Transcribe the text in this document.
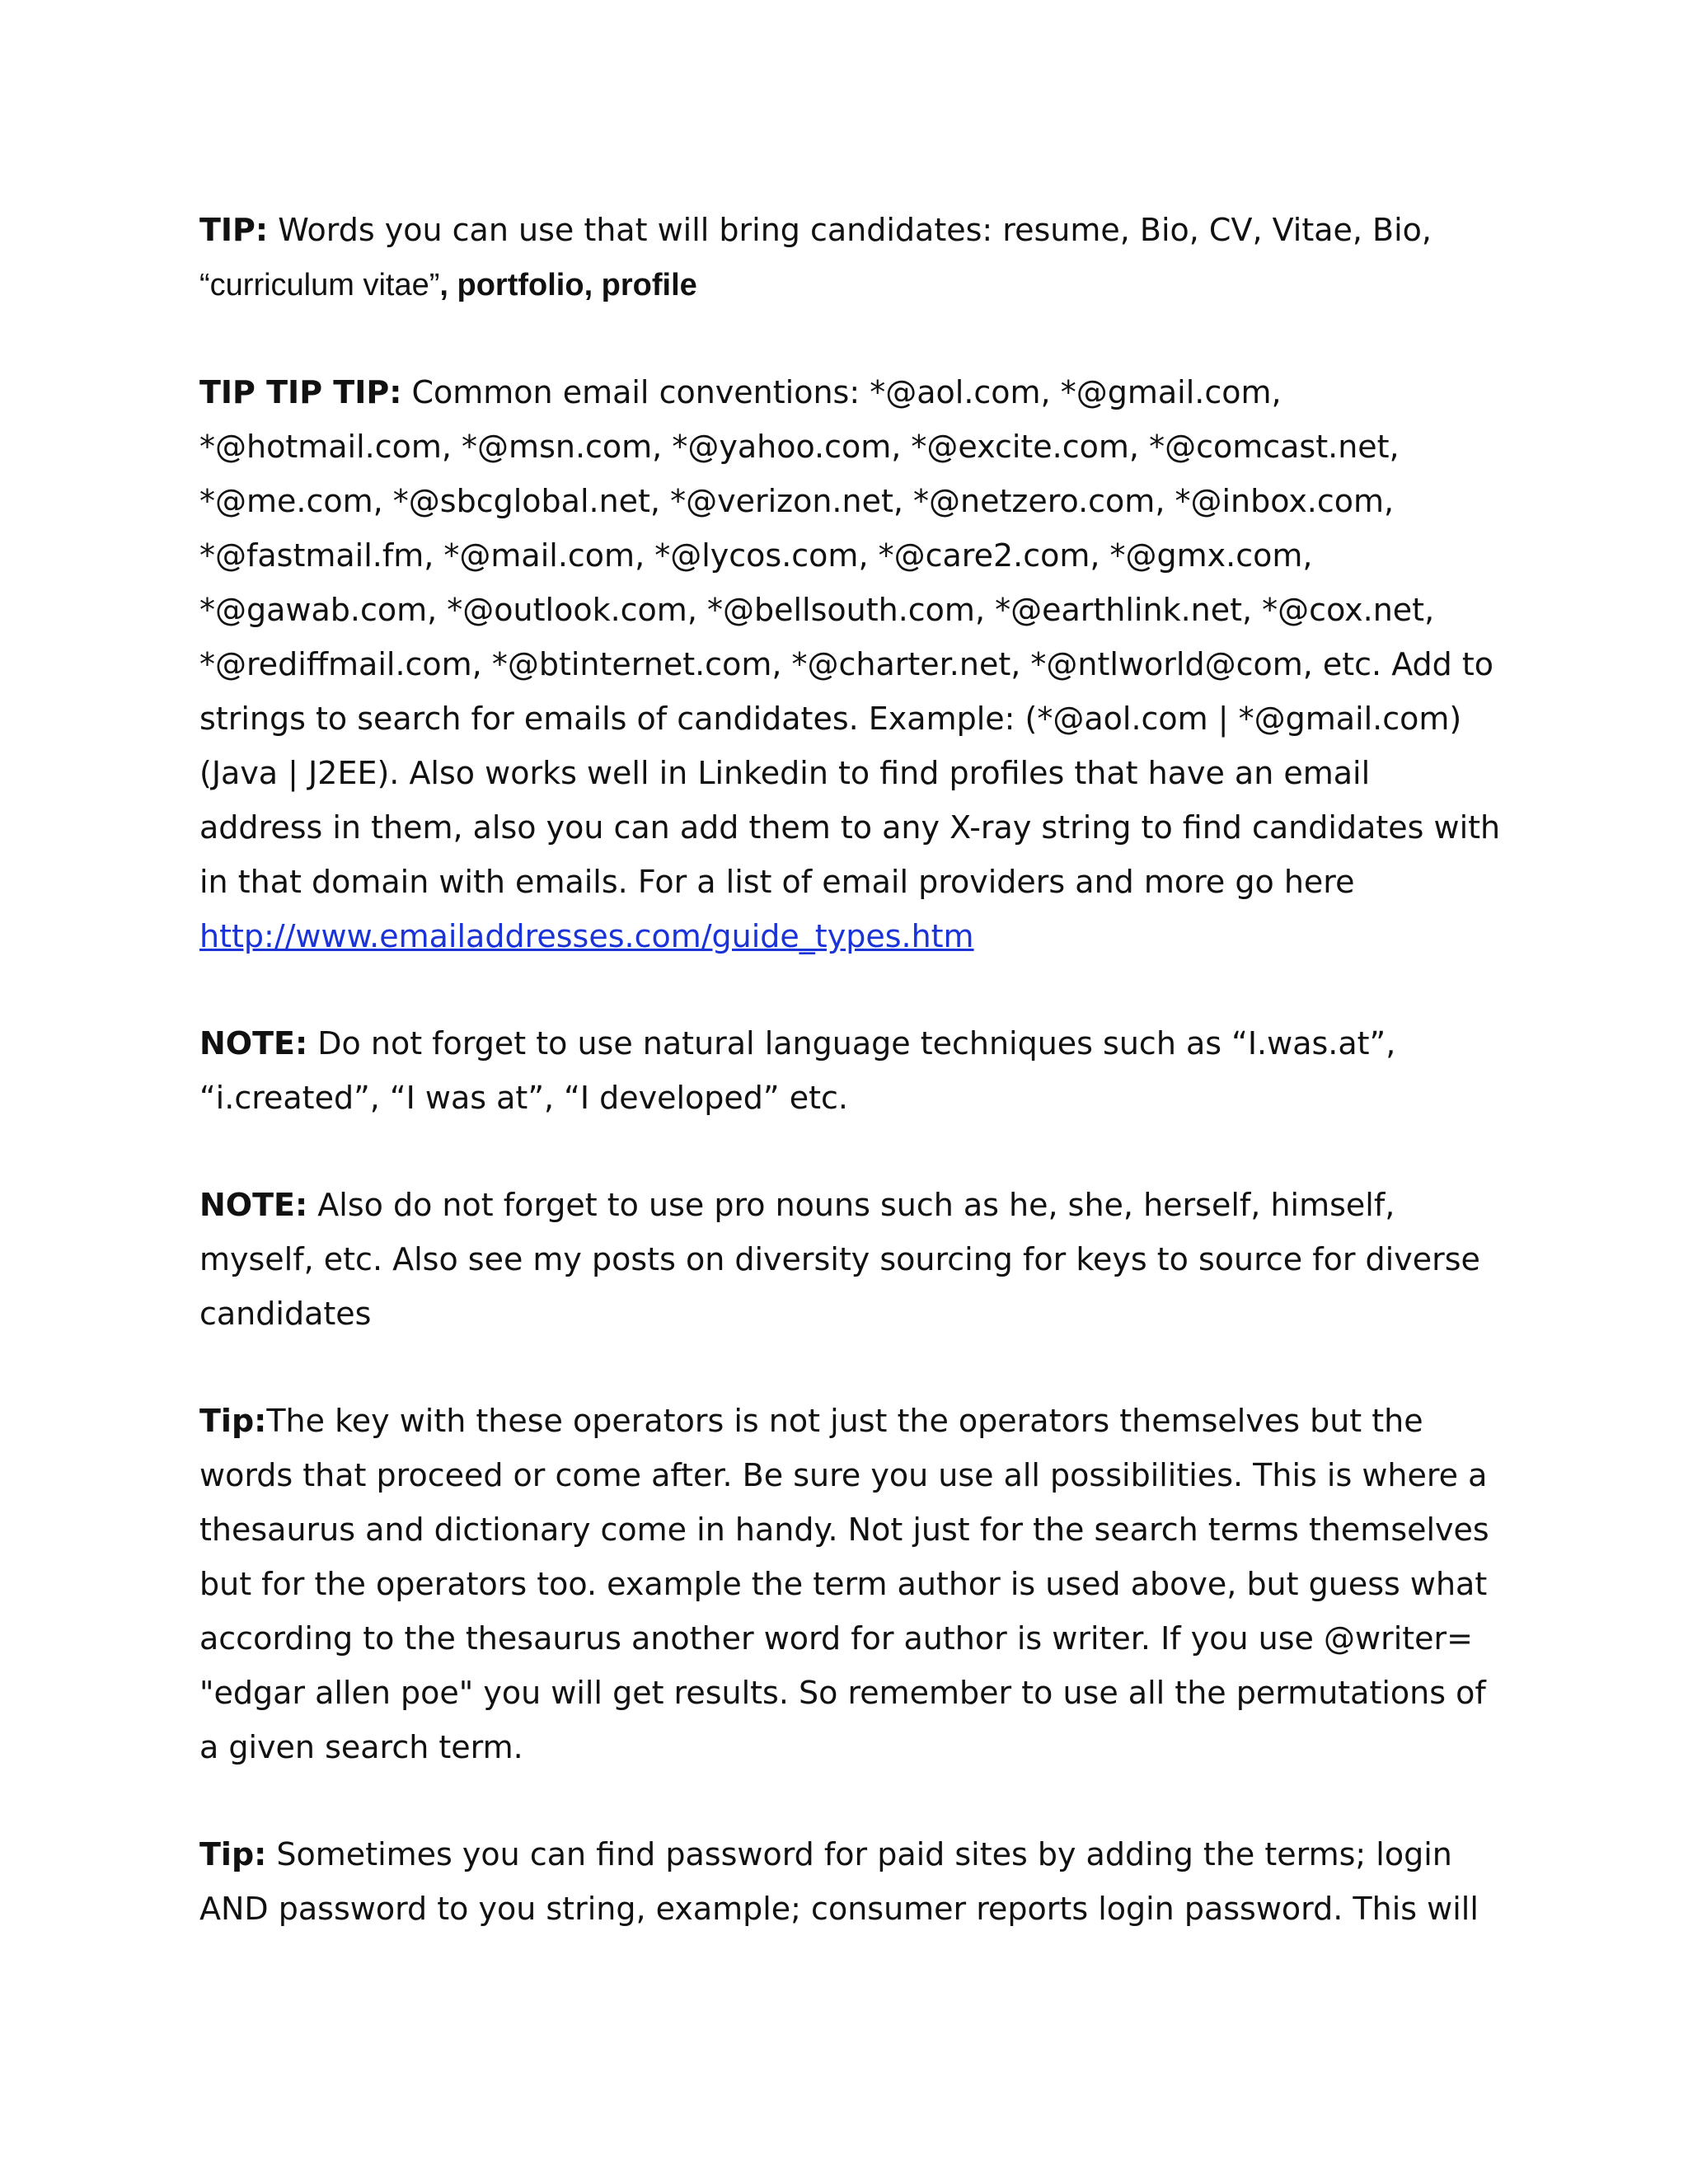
TIP: Words you can use that will bring candidates: resume, Bio, CV, Vitae, Bio,
“curriculum vitae”, portfolio, profile

TIP TIP TIP: Common email conventions: *@aol.com, *@gmail.com, *@hotmail.com, *@msn.com, *@yahoo.com, *@excite.com, *@comcast.net, *@me.com, *@sbcglobal.net, *@verizon.net, *@netzero.com, *@inbox.com, *@fastmail.fm, *@mail.com, *@lycos.com, *@care2.com, *@gmx.com, *@gawab.com, *@outlook.com, *@bellsouth.com, *@earthlink.net, *@cox.net, *@rediffmail.com, *@btinternet.com, *@charter.net, *@ntlworld@com, etc. Add to strings to search for emails of candidates. Example: (*@aol.com | *@gmail.com) (Java | J2EE). Also works well in Linkedin to find profiles that have an email address in them, also you can add them to any X-ray string to find candidates with in that domain with emails. For a list of email providers and more go here http://www.emailaddresses.com/guide_types.htm

NOTE: Do not forget to use natural language techniques such as “I.was.at”, “i.created”, “I was at”, “I developed” etc.

NOTE: Also do not forget to use pro nouns such as he, she, herself, himself, myself, etc. Also see my posts on diversity sourcing for keys to source for diverse candidates

Tip:The key with these operators is not just the operators themselves but the words that proceed or come after. Be sure you use all possibilities. This is where a thesaurus and dictionary come in handy. Not just for the search terms themselves but for the operators too. example the term author is used above, but guess what according to the thesaurus another word for author is writer. If you use @writer= "edgar allen poe" you will get results. So remember to use all the permutations of a given search term.

Tip: Sometimes you can find password for paid sites by adding the terms; login AND password to you string, example; consumer reports login password. This will
